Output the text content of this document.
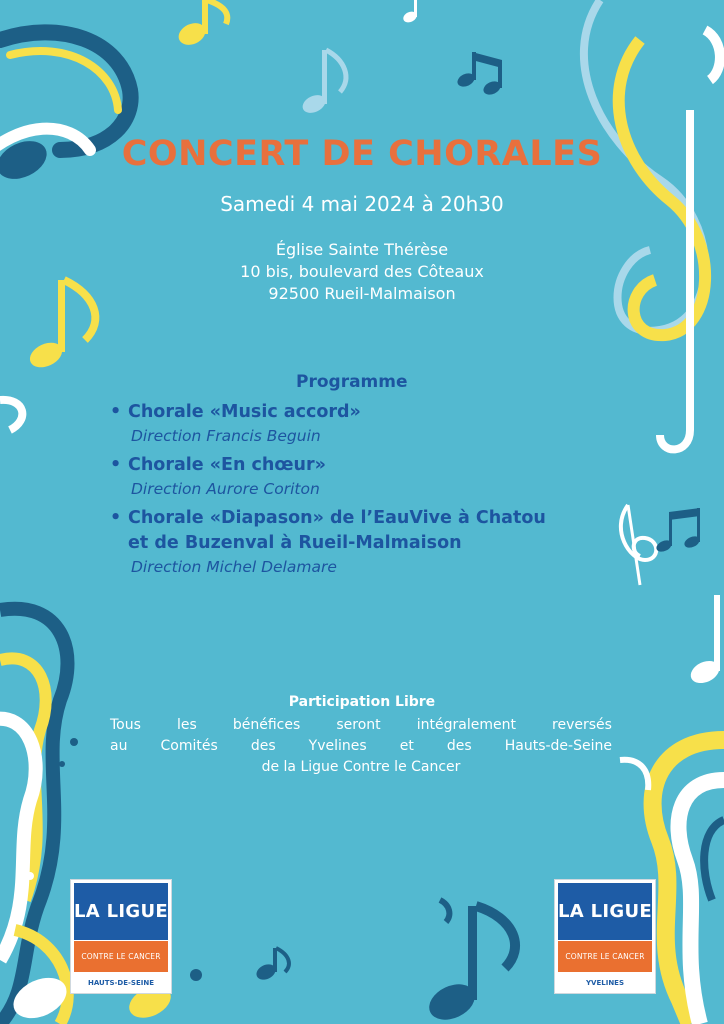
CONCERT DE CHORALES
Samedi 4 mai 2024 à 20h30
Église Sainte Thérèse
10 bis, boulevard des Côteaux
92500 Rueil-Malmaison
Programme
• Chorale «Music accord»
Direction Francis Beguin
• Chorale «En chœur»
Direction Aurore Coriton
• Chorale «Diapason» de l’EauVive à Chatou
et de Buzenval à Rueil-Malmaison
Direction Michel Delamare
Participation Libre
Tous	les	bénéfices	seront	intégralement	reversés
au Comités des Yvelines et des Hauts-de-Seine
de la Ligue Contre le Cancer
LA LIGUE
CONTRE LE CANCER
HAUTS-DE-SEINE
LA LIGUE
CONTRE LE CANCER
YVELINES
